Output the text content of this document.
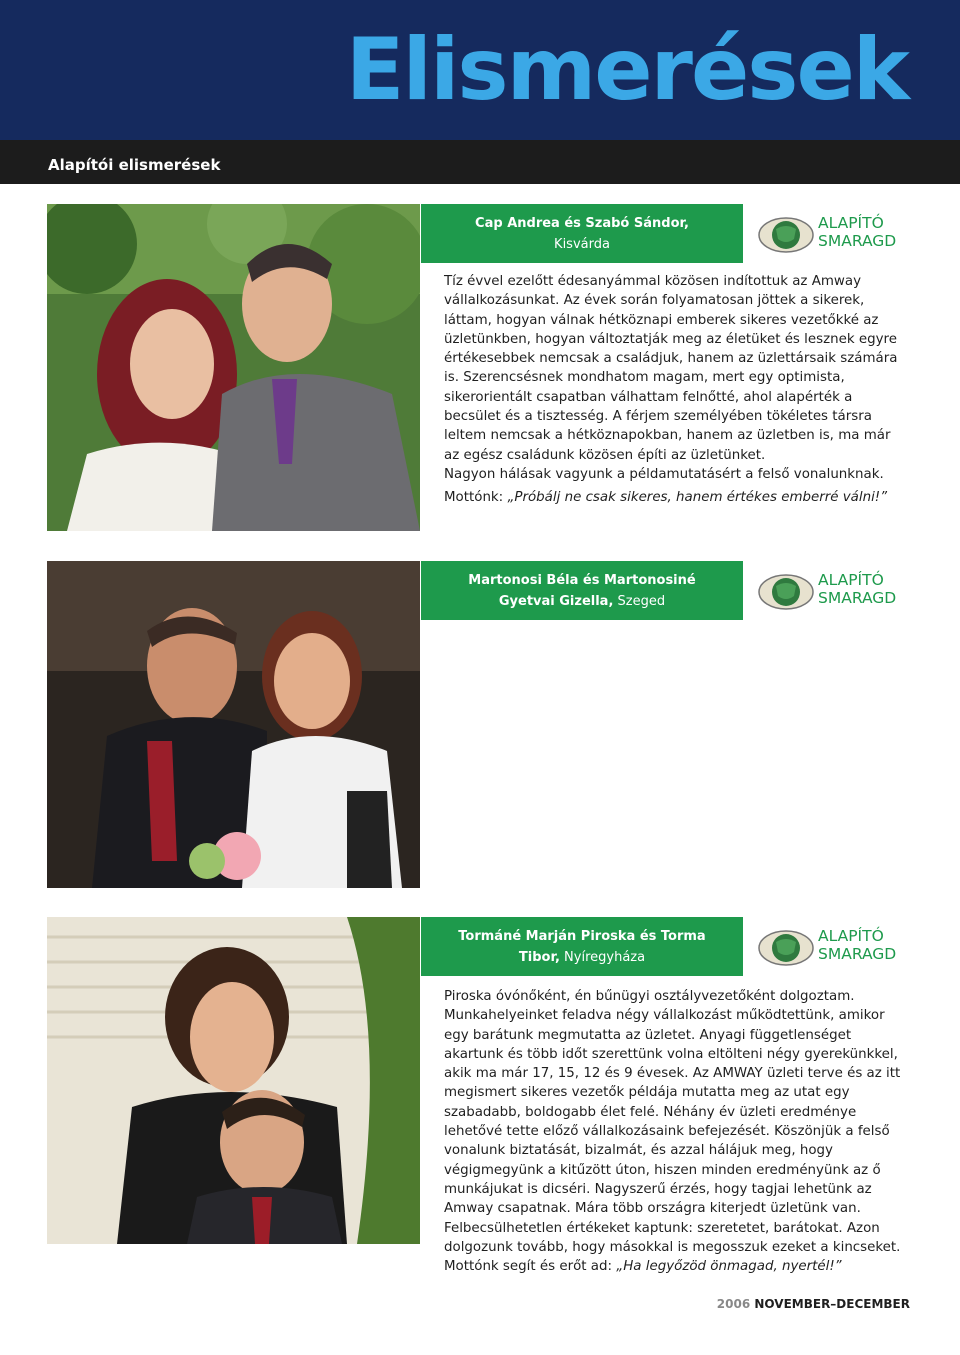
Elismerések
Alapítói elismerések
Cap Andrea és Szabó Sándor,
Kisvárda
ALAPÍTÓ
SMARAGD

Tíz évvel ezelőtt édesanyámmal közösen indítottuk az Amway vállalkozásunkat. Az évek során folyamatosan jöttek a sikerek, láttam, hogyan válnak hétköznapi emberek sikeres vezetőkké az üzletünkben, hogyan változtatják meg az életüket és lesznek egyre értékesebbek nemcsak a családjuk, hanem az üzlettársaik számára is. Szerencsésnek mondhatom magam, mert egy optimista, sikerorientált csapatban válhattam felnőtté, ahol alapérték a becsület és a tisztesség. A férjem személyében tökéletes társra leltem nemcsak a hétköznapokban, hanem az üzletben is, ma már az egész családunk közösen építi az üzletünket.

Nagyon hálásak vagyunk a példamutatásért a felső vonalunknak.

Mottónk: „Próbálj ne csak sikeres, hanem értékes emberré válni!”

Martonosi Béla és Martonosiné
Gyetvai Gizella, Szeged
ALAPÍTÓ
SMARAGD
Tormáné Marján Piroska és Torma
Tibor, Nyíregyháza
ALAPÍTÓ
SMARAGD

Piroska óvónőként, én bűnügyi osztályvezetőként dolgoztam. Munkahelyeinket feladva négy vállalkozást működtettünk, amikor egy barátunk megmutatta az üzletet. Anyagi függetlenséget akartunk és több időt szerettünk volna eltölteni négy gyerekünkkel, akik ma már 17, 15, 12 és 9 évesek. Az AMWAY üzleti terve és az itt megismert sikeres vezetők példája mutatta meg az utat egy szabadabb, boldogabb élet felé. Néhány év üzleti eredménye lehetővé tette előző vállalkozásaink befejezését. Köszönjük a felső vonalunk biztatását, bizalmát, és azzal hálájuk meg, hogy végigmegyünk a kitűzött úton, hiszen minden eredményünk az ő munkájukat is dicséri. Nagyszerű érzés, hogy tagjai lehetünk az Amway csapatnak. Mára több országra kiterjedt üzletünk van. Felbecsülhetetlen értékeket kaptunk: szeretetet, barátokat. Azon dolgozunk tovább, hogy másokkal is megosszuk ezeket a kincseket. Mottónk segít és erőt ad: „Ha legyőzöd önmagad, nyertél!”

2006 NOVEMBER–DECEMBER
